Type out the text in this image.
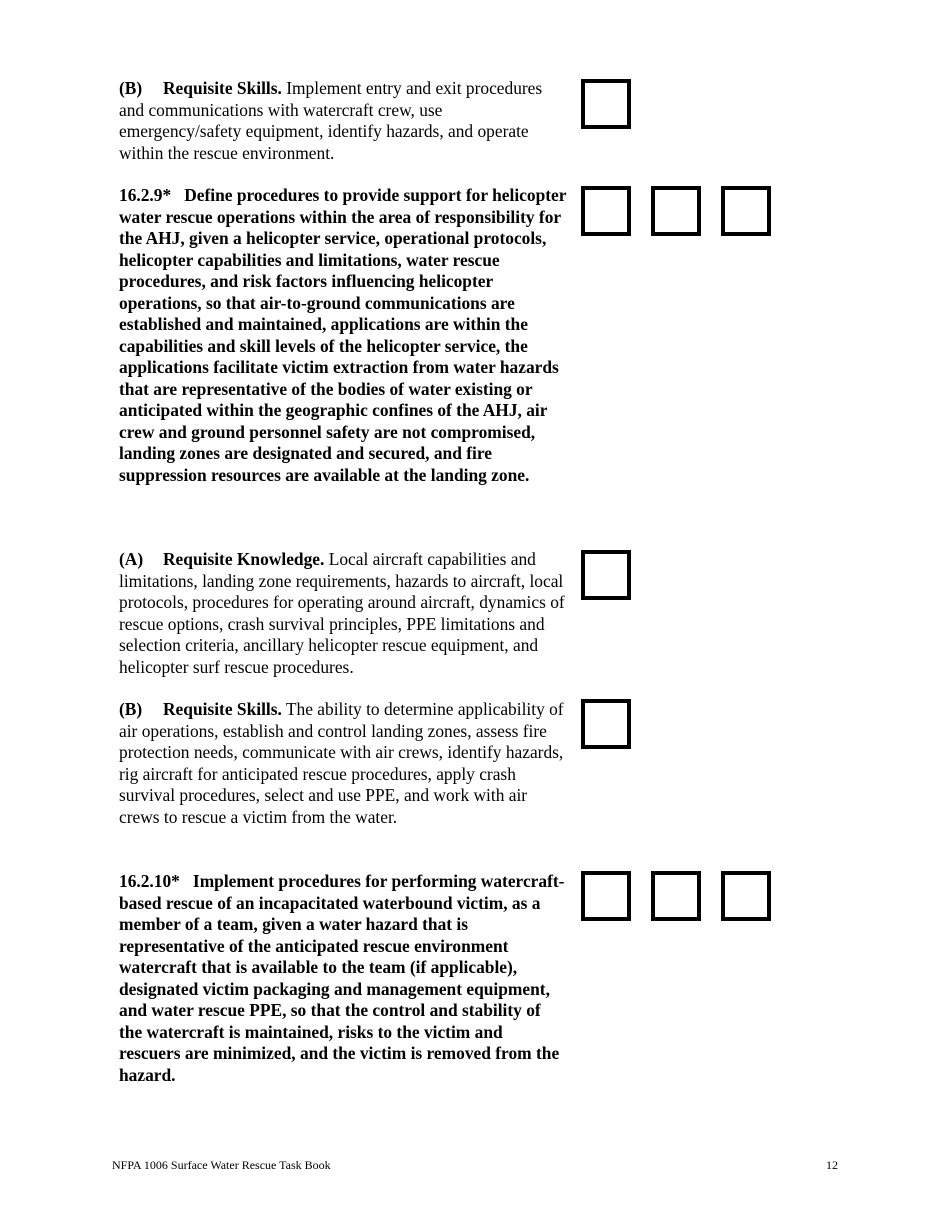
(B) Requisite Skills. Implement entry and exit procedures and communications with watercraft crew, use emergency/safety equipment, identify hazards, and operate within the rescue environment.
16.2.9* Define procedures to provide support for helicopter water rescue operations within the area of responsibility for the AHJ, given a helicopter service, operational protocols, helicopter capabilities and limitations, water rescue procedures, and risk factors influencing helicopter operations, so that air-to-ground communications are established and maintained, applications are within the capabilities and skill levels of the helicopter service, the applications facilitate victim extraction from water hazards that are representative of the bodies of water existing or anticipated within the geographic confines of the AHJ, air crew and ground personnel safety are not compromised, landing zones are designated and secured, and fire suppression resources are available at the landing zone.
(A) Requisite Knowledge. Local aircraft capabilities and limitations, landing zone requirements, hazards to aircraft, local protocols, procedures for operating around aircraft, dynamics of rescue options, crash survival principles, PPE limitations and selection criteria, ancillary helicopter rescue equipment, and helicopter surf rescue procedures.
(B) Requisite Skills. The ability to determine applicability of air operations, establish and control landing zones, assess fire protection needs, communicate with air crews, identify hazards, rig aircraft for anticipated rescue procedures, apply crash survival procedures, select and use PPE, and work with air crews to rescue a victim from the water.
16.2.10* Implement procedures for performing watercraft-based rescue of an incapacitated waterbound victim, as a member of a team, given a water hazard that is representative of the anticipated rescue environment watercraft that is available to the team (if applicable), designated victim packaging and management equipment, and water rescue PPE, so that the control and stability of the watercraft is maintained, risks to the victim and rescuers are minimized, and the victim is removed from the hazard.
NFPA 1006 Surface Water Rescue Task Book	12
